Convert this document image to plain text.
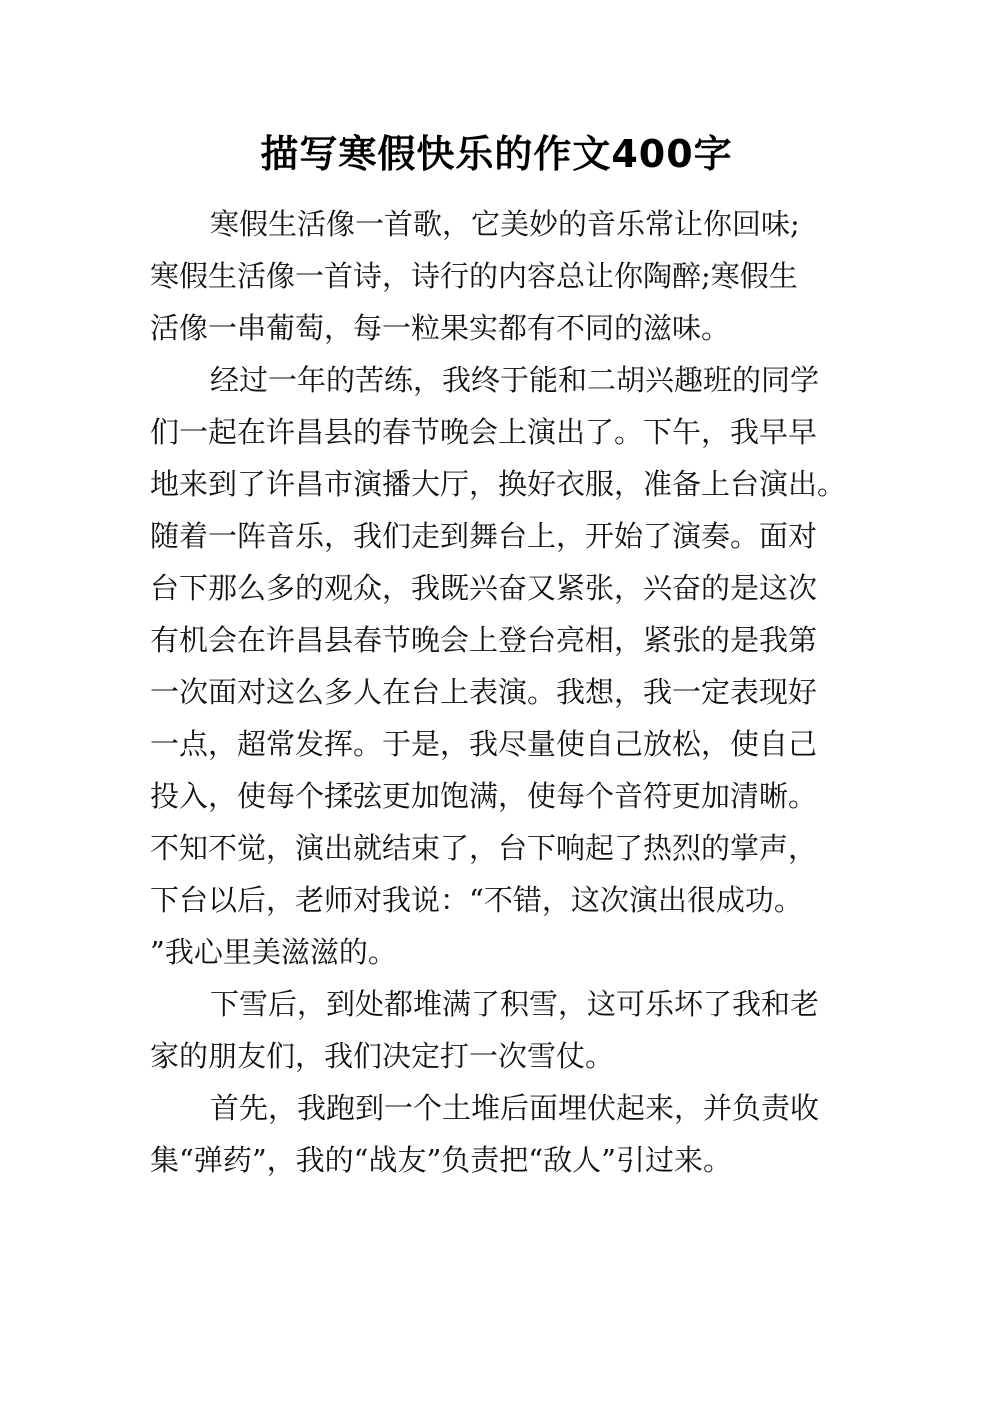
描写寒假快乐的作文400字
寒假生活像一首歌，它美妙的音乐常让你回味;
寒假生活像一首诗，诗行的内容总让你陶醉;寒假生
活像一串葡萄，每一粒果实都有不同的滋味。
经过一年的苦练，我终于能和二胡兴趣班的同学
们一起在许昌县的春节晚会上演出了。下午，我早早
地来到了许昌市演播大厅，换好衣服，准备上台演出。
随着一阵音乐，我们走到舞台上，开始了演奏。面对
台下那么多的观众，我既兴奋又紧张，兴奋的是这次
有机会在许昌县春节晚会上登台亮相，紧张的是我第
一次面对这么多人在台上表演。我想，我一定表现好
一点，超常发挥。于是，我尽量使自己放松，使自己
投入，使每个揉弦更加饱满，使每个音符更加清晰。
不知不觉，演出就结束了，台下响起了热烈的掌声，
下台以后，老师对我说：“不错，这次演出很成功。
”我心里美滋滋的。
下雪后，到处都堆满了积雪，这可乐坏了我和老
家的朋友们，我们决定打一次雪仗。
首先，我跑到一个土堆后面埋伏起来，并负责收
集“弹药”，我的“战友”负责把“敌人”引过来。
